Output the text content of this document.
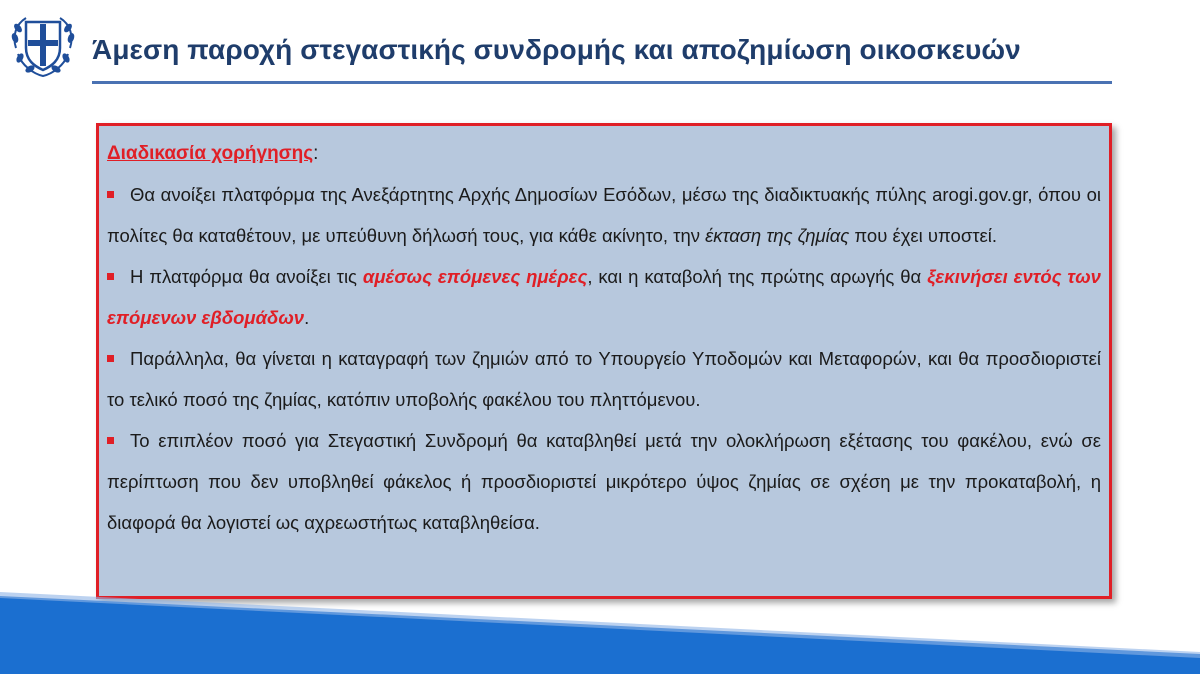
Άμεση παροχή στεγαστικής συνδρομής και αποζημίωση οικοσκευών
Διαδικασία χορήγησης:

Θα ανοίξει πλατφόρμα της Ανεξάρτητης Αρχής Δημοσίων Εσόδων, μέσω της διαδικτυακής πύλης arogi.gov.gr, όπου οι πολίτες θα καταθέτουν, με υπεύθυνη δήλωσή τους, για κάθε ακίνητο, την έκταση της ζημίας που έχει υποστεί.

Η πλατφόρμα θα ανοίξει τις αμέσως επόμενες ημέρες, και η καταβολή της πρώτης αρωγής θα ξεκινήσει εντός των επόμενων εβδομάδων.

Παράλληλα, θα γίνεται η καταγραφή των ζημιών από το Υπουργείο Υποδομών και Μεταφορών, και θα προσδιοριστεί το τελικό ποσό της ζημίας, κατόπιν υποβολής φακέλου του πληττόμενου.

Το επιπλέον ποσό για Στεγαστική Συνδρομή θα καταβληθεί μετά την ολοκλήρωση εξέτασης του φακέλου, ενώ σε περίπτωση που δεν υποβληθεί φάκελος ή προσδιοριστεί μικρότερο ύψος ζημίας σε σχέση με την προκαταβολή, η διαφορά θα λογιστεί ως αχρεωστήτως καταβληθείσα.
